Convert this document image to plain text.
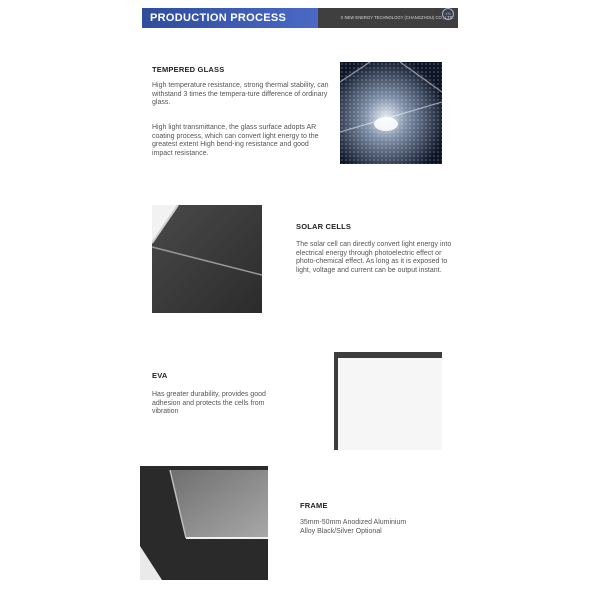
PRODUCTION PROCESS	X NEW ENERGY TECHNOLOGY (CHANGZHOU) CO., LTD.
XN
TEMPERED GLASS
High temperature resistance, strong thermal stability, can withstand 3 times the tempera-ture difference of ordinary glass.
High light transmittance, the glass surface adopts AR coating process, which can convert light energy to the greatest extent High bend-ing resistance and good impact resistance.
SOLAR CELLS
The solar cell can directly convert light energy into electrical energy through photoelectric effect or photo-chemical effect. As long as it is exposed to light, voltage and current can be output instant.
EVA
Has greater durability, provides good adhesion and protects the cells from vibration
FRAME
35mm-50mm Anodized Aluminium Alloy Black/Silver Optional
